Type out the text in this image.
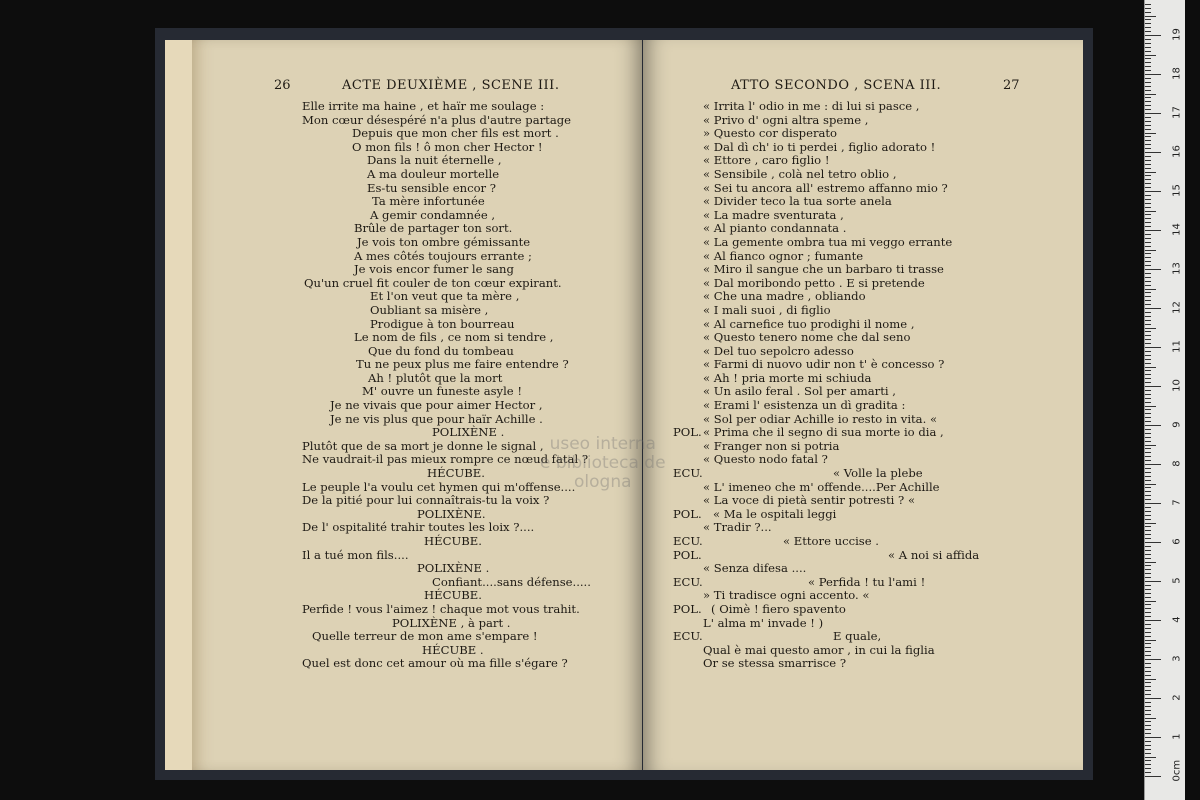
26	ACTE DEUXIÈME , SCENE III.
Elle irrite ma haine , et haïr me soulage :
Mon cœur désespéré n'a plus d'autre partage
Depuis que mon cher fils est mort .
O mon fils ! ô mon cher Hector !
Dans la nuit éternelle ,
A ma douleur mortelle
Es-tu sensible encor ?
Ta mère infortunée
A gemir condamnée ,
Brûle de partager ton sort.
Je vois ton ombre gémissante
A mes côtés toujours errante ;
Je vois encor fumer le sang
Qu'un cruel fit couler de ton cœur expirant.
Et l'on veut que ta mère ,
Oubliant sa misère ,
Prodigue à ton bourreau
Le nom de fils , ce nom si tendre ,
Que du fond du tombeau
Tu ne peux plus me faire entendre ?
Ah ! plutôt que la mort
M' ouvre un funeste asyle !
Je ne vivais que pour aimer Hector ,
Je ne vis plus que pour haïr Achille .
POLIXÈNE .
Plutôt que de sa mort je donne le signal ,
Ne vaudrait-il pas mieux rompre ce nœud fatal ?
HÉCUBE.
Le peuple l'a voulu cet hymen qui m'offense....
De la pitié pour lui connaîtrais-tu la voix ?
POLIXÈNE.
De l' ospitalité trahir toutes les loix ?....
HÉCUBE.
Il a tué mon fils....
POLIXÈNE .
Confiant....sans défense.....
HÉCUBE.
Perfide ! vous l'aimez ! chaque mot vous trahit.
POLIXÈNE , à part .
Quelle terreur de mon ame s'empare !
HÉCUBE .
Quel est donc cet amour où ma fille s'égare ?
ATTO SECONDO , SCENA III.	27
« Irrita l' odio in me : di lui si pasce ,
« Privo d' ogni altra speme ,
» Questo cor disperato
« Dal dì ch' io ti perdei , figlio adorato !
« Ettore , caro figlio !
« Sensibile , colà nel tetro oblio ,
« Sei tu ancora all' estremo affanno mio ?
« Divider teco la tua sorte anela
« La madre sventurata ,
« Al pianto condannata .
« La gemente ombra tua mi veggo errante
« Al fianco ognor ; fumante
« Miro il sangue che un barbaro ti trasse
« Dal moribondo petto . E si pretende
« Che una madre , obliando
« I mali suoi , di figlio
« Al carnefice tuo prodighi il nome ,
« Questo tenero nome che dal seno
« Del tuo sepolcro adesso
« Farmi di nuovo udir non t' è concesso ?
« Ah ! pria morte mi schiuda
« Un asilo feral . Sol per amarti ,
« Erami l' esistenza un dì gradita :
« Sol per odiar Achille io resto in vita. «
POL. « Prima che il segno di sua morte io dia ,
« Franger non si potria
« Questo nodo fatal ?
ECU.	« Volle la plebe
« L' imeneo che m' offende....Per Achille
« La voce di pietà sentir potresti ? «
POL. « Ma le ospitali leggi
« Tradir ?...
ECU.	« Ettore uccise .
POL.	« A noi si affida
« Senza difesa ....
ECU.	« Perfida ! tu l'ami !
» Ti tradisce ogni accento. «
POL. ( Oimè ! fiero spavento
L' alma m' invade ! )
ECU.	E quale,
Qual è mai questo amor , in cui la figlia
Or se stessa smarrisce ?
useo interna
e biblioteca de
ologna
0cm
1
2
3
4
5
6
7
8
9
10
11
12
13
14
15
16
17
18
19
